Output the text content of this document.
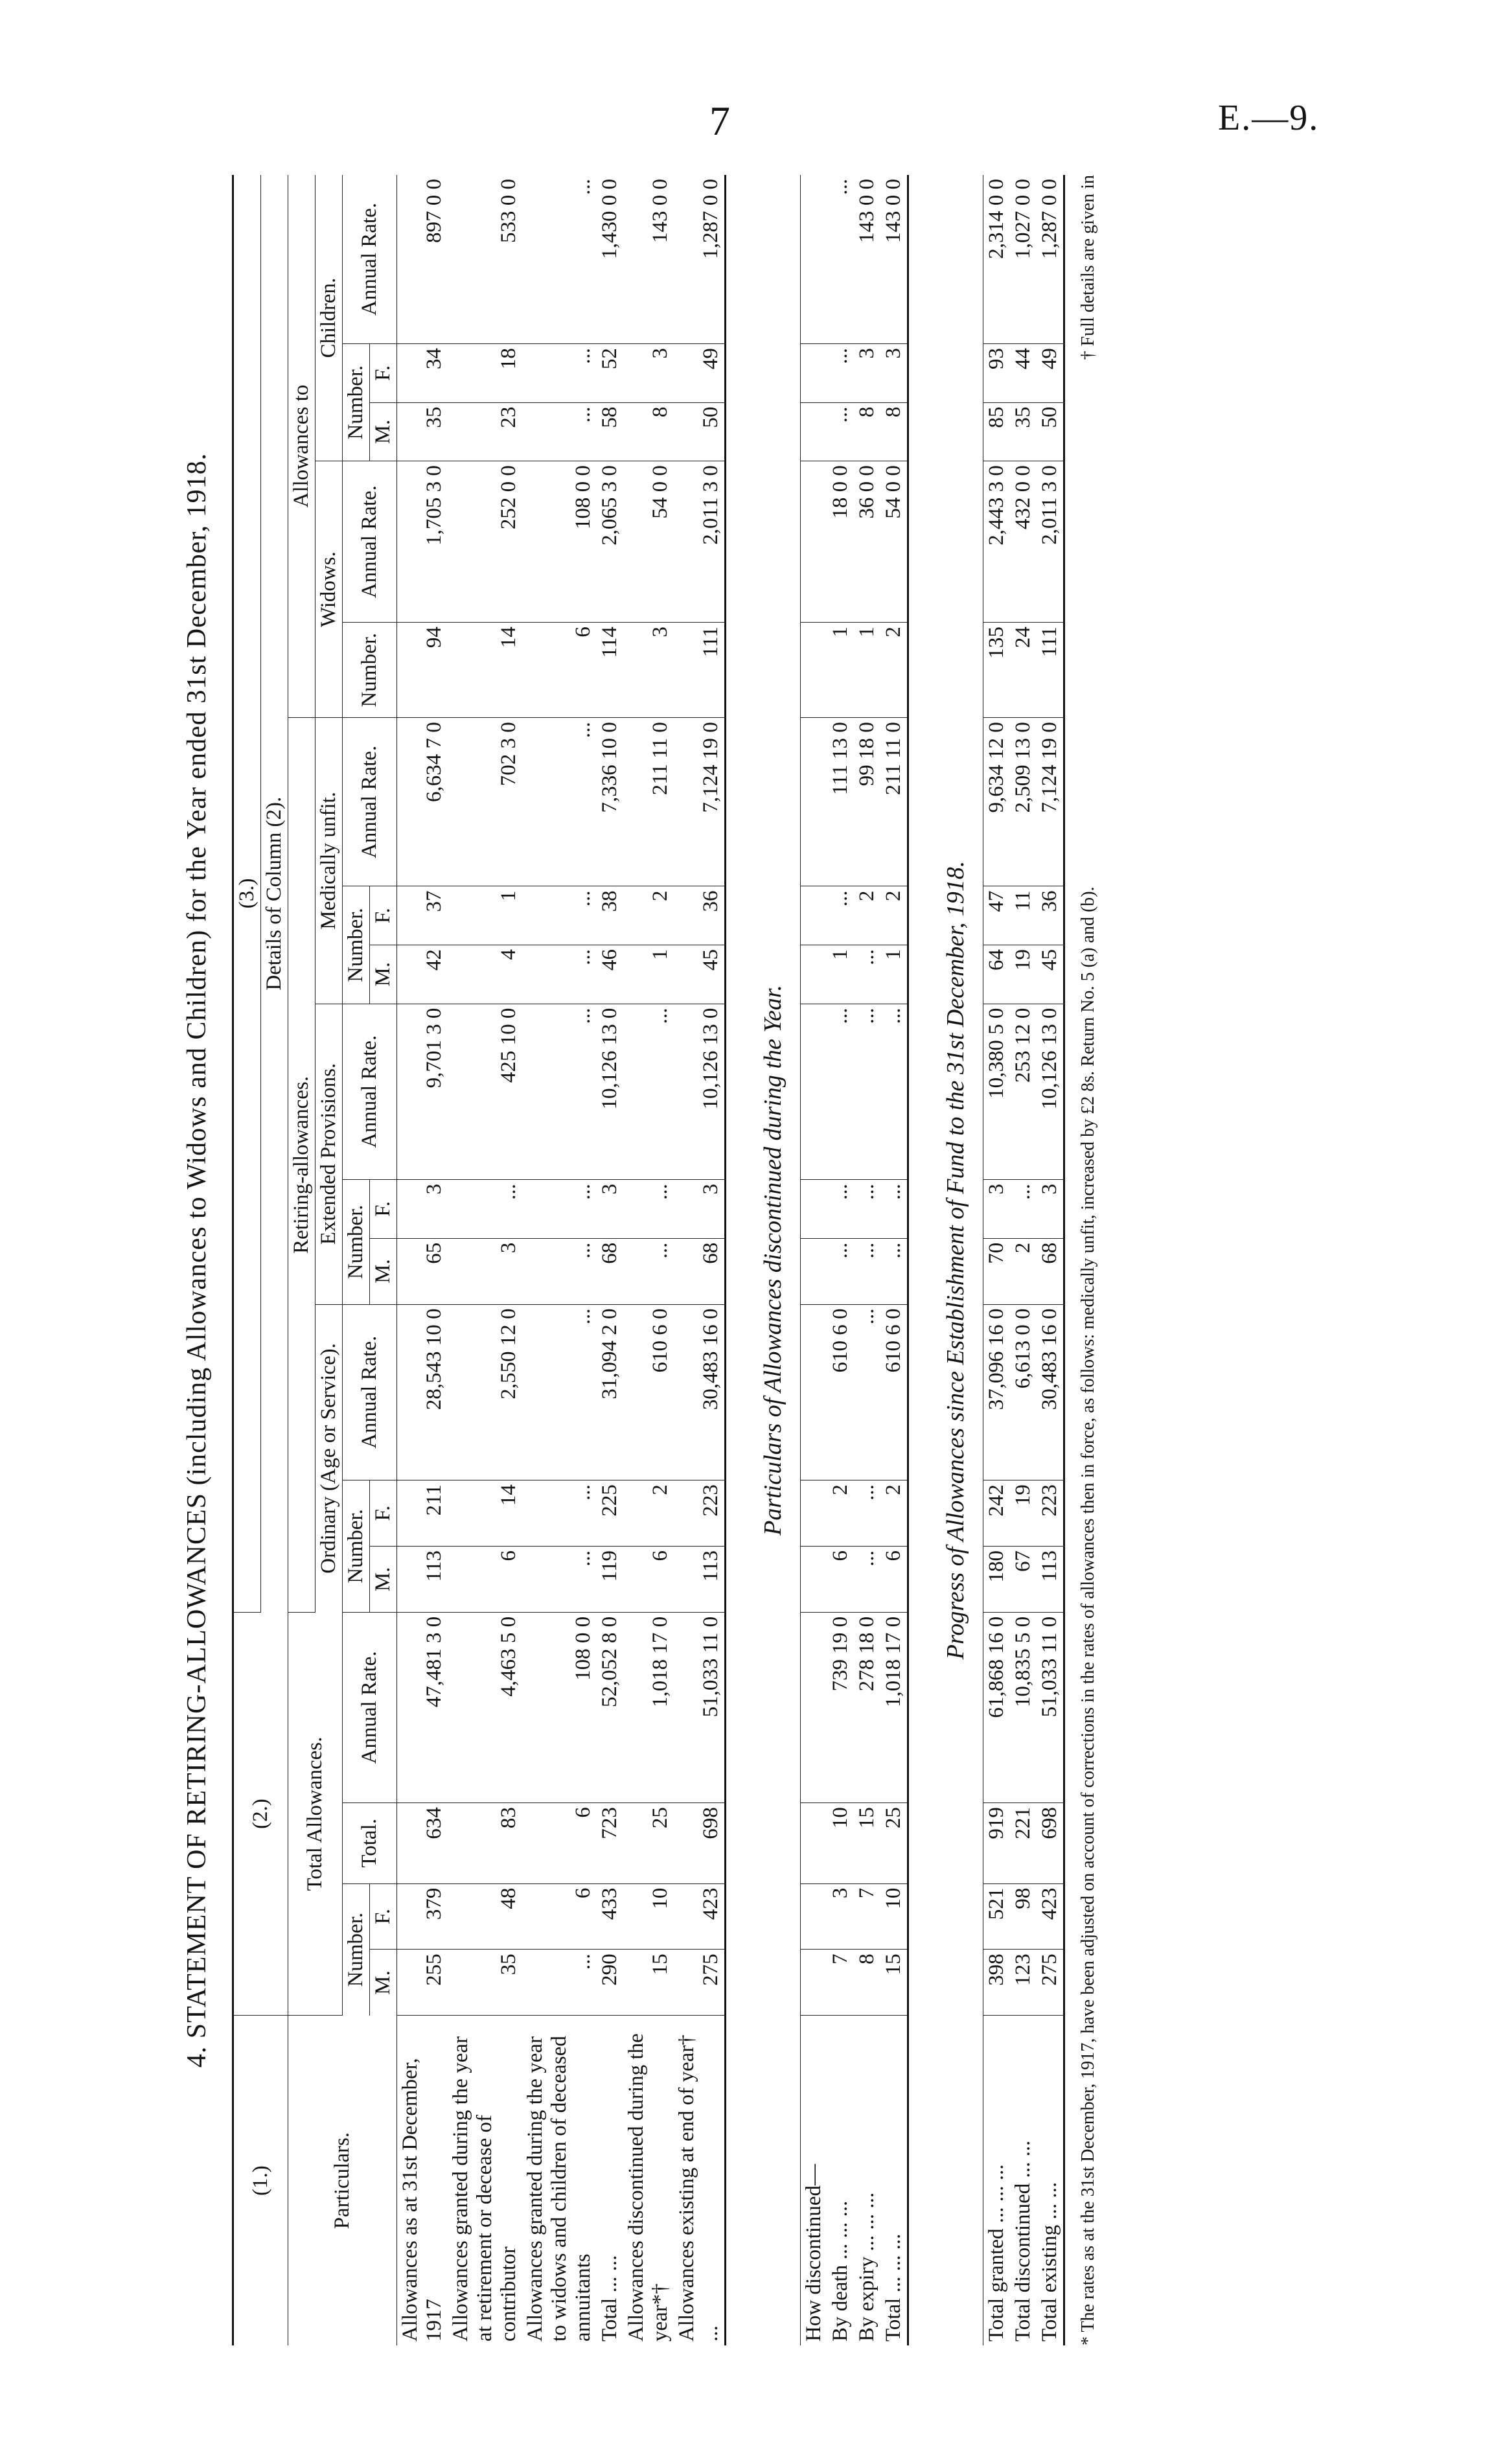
7	E.—9.
4. STATEMENT OF RETIRING-ALLOWANCES (including Allowances to Widows and Children) for the Year ended 31st December, 1918.
(1.)	(2.)				(3.)													
					Details of Column (2).													
Particulars.	Total Allowances.				Retiring-allowances.									Allowances to				
					Ordinary (Age or Service).			Extended Provisions.			Medically unfit.			Widows.		Children.		
	Number.		Total.	Annual Rate.	Number.		Annual Rate.	Number.		Annual Rate.	Number.		Annual Rate.	Number.	Annual Rate.	Number.		Annual Rate.
	M.	F.			M.	F.		M.	F.		M.	F.				M.	F.	
Allowances as at 31st December, 1917	255	379	634	47,481 3 0	113	211	28,543 10 0	65	3	9,701 3 0	42	37	6,634 7 0	94	1,705 3 0	35	34	897 0 0
Allowances granted during the year at retirement or decease of contributor	35	48	83	4,463 5 0	6	14	2,550 12 0	3	...	425 10 0	4	1	702 3 0	14	252 0 0	23	18	533 0 0
Allowances granted during the year to widows and children of deceased annuitants	...	6	6	108 0 0	...	...	...	...	...	...	...	...	...	6	108 0 0	...	...	...
Total ... ...	290	433	723	52,052 8 0	119	225	31,094 2 0	68	3	10,126 13 0	46	38	7,336 10 0	114	2,065 3 0	58	52	1,430 0 0
Allowances discontinued during the year*†	15	10	25	1,018 17 0	6	2	610 6 0	...	...	...	1	2	211 11 0	3	54 0 0	8	3	143 0 0
Allowances existing at end of year† ...	275	423	698	51,033 11 0	113	223	30,483 16 0	68	3	10,126 13 0	45	36	7,124 19 0	111	2,011 3 0	50	49	1,287 0 0

Particulars of Allowances discontinued during the Year.																		

How discontinued—																		
By death ... ... ...	7	3	10	739 19 0	6	2	610 6 0	...	...	...	1	...	111 13 0	1	18 0 0	...	...	...
By expiry ... ... ...	8	7	15	278 18 0	...	...	...	...	...	...	...	2	99 18 0	1	36 0 0	8	3	143 0 0
Total ... ... ...	15	10	25	1,018 17 0	6	2	610 6 0	...	...	...	1	2	211 11 0	2	54 0 0	8	3	143 0 0

Progress of Allowances since Establishment of Fund to the 31st December, 1918.																		

Total granted ... ... ...	398	521	919	61,868 16 0	180	242	37,096 16 0	70	3	10,380 5 0	64	47	9,634 12 0	135	2,443 3 0	85	93	2,314 0 0
Total discontinued ... ...	123	98	221	10,835 5 0	67	19	6,613 0 0	2	...	253 12 0	19	11	2,509 13 0	24	432 0 0	35	44	1,027 0 0
Total existing ... ...	275	423	698	51,033 11 0	113	223	30,483 16 0	68	3	10,126 13 0	45	36	7,124 19 0	111	2,011 3 0	50	49	1,287 0 0
* The rates as at the 31st December, 1917, have been adjusted on account of corrections in the rates of allowances then in force, as follows: medically unfit, increased by £2 8s. Return No. 5 (a) and (b).
† Full details are given in
